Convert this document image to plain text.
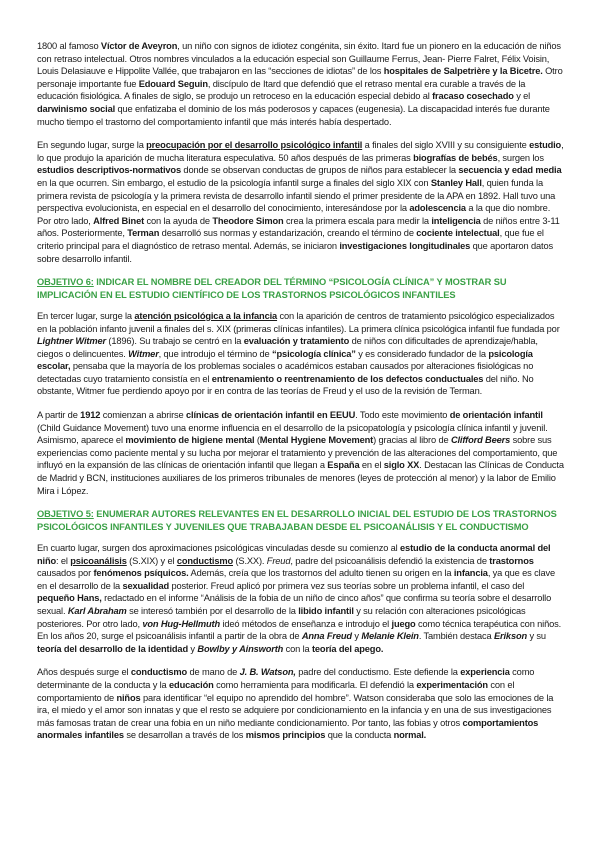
1800 al famoso Víctor de Aveyron, un niño con signos de idiotez congénita, sin éxito. Itard fue un pionero en la educación de niños con retraso intelectual. Otros nombres vinculados a la educación especial son Guillaume Ferrus, Jean- Pierre Falret, Félix Voisin, Louis Delasiauve e Hippolite Vallée, que trabajaron en las “secciones de idiotas” de los hospitales de Salpetrière y la Bicetre. Otro personaje importante fue Edouard Seguin, discípulo de Itard que defendió que el retraso mental era curable a través de la educación fisiológica. A finales de siglo, se produjo un retroceso en la educación especial debido al fracaso cosechado y el darwinismo social que enfatizaba el dominio de los más poderosos y capaces (eugenesia). La discapacidad interés fue durante mucho tiempo el trastorno del comportamiento infantil que más interés había despertado.

En segundo lugar, surge la preocupación por el desarrollo psicológico infantil a finales del siglo XVIII y su consiguiente estudio, lo que produjo la aparición de mucha literatura especulativa. 50 años después de las primeras biografías de bebés, surgen los estudios descriptivos-normativos donde se observan conductas de grupos de niños para establecer la secuencia y edad media en la que ocurren. Sin embargo, el estudio de la psicología infantil surge a finales del siglo XIX con Stanley Hall, quien funda la primera revista de psicología y la primera revista de desarrollo infantil siendo el primer presidente de la APA en 1892. Hall tuvo una perspectiva evolucionista, en especial en el desarrollo del conocimiento, interesándose por la adolescencia a la que dio nombre. Por otro lado, Alfred Binet con la ayuda de Theodore Simon crea la primera escala para medir la inteligencia de niños entre 3-11 años. Posteriormente, Terman desarrolló sus normas y estandarización, creando el término de cociente intelectual, que fue el criterio principal para el diagnóstico de retraso mental. Además, se iniciaron investigaciones longitudinales que aportaron datos sobre desarrollo infantil.

OBJETIVO 6: INDICAR EL NOMBRE DEL CREADOR DEL TÉRMINO “PSICOLOGÍA CLÍNICA” Y MOSTRAR SU IMPLICACIÓN EN EL ESTUDIO CIENTÍFICO DE LOS TRASTORNOS PSICOLÓGICOS INFANTILES

En tercer lugar, surge la atención psicológica a la infancia con la aparición de centros de tratamiento psicológico especializados en la población infanto juvenil a finales del s. XIX (primeras clínicas infantiles). La primera clínica psicológica infantil fue fundada por Lightner Witmer (1896). Su trabajo se centró en la evaluación y tratamiento de niños con dificultades de aprendizaje/habla, ciegos o delincuentes. Witmer, que introdujo el término de “psicología clínica” y es considerado fundador de la psicología escolar, pensaba que la mayoría de los problemas sociales o académicos estaban causados por alteraciones fisiológicas no detectadas cuyo tratamiento consistía en el entrenamiento o reentrenamiento de los defectos conductuales del niño. No obstante, Witmer fue perdiendo apoyo por ir en contra de las teorías de Freud y el uso de la revisión de Terman.

A partir de 1912 comienzan a abrirse clínicas de orientación infantil en EEUU. Todo este movimiento de orientación infantil (Child Guidance Movement) tuvo una enorme influencia en el desarrollo de la psicopatología y psicología clínica infantil y juvenil. Asimismo, aparece el movimiento de higiene mental (Mental Hygiene Movement) gracias al libro de Clifford Beers sobre sus experiencias como paciente mental y su lucha por mejorar el tratamiento y prevención de las alteraciones del comportamiento, que influyó en la expansión de las clínicas de orientación infantil que llegan a España en el siglo XX. Destacan las Clínicas de Conducta de Madrid y BCN, instituciones auxiliares de los primeros tribunales de menores (leyes de protección al menor) y la labor de Emilio Mira i López.

OBJETIVO 5: ENUMERAR AUTORES RELEVANTES EN EL DESARROLLO INICIAL DEL ESTUDIO DE LOS TRASTORNOS PSICOLÓGICOS INFANTILES Y JUVENILES QUE TRABAJABAN DESDE EL PSICOANÁLISIS Y EL CONDUCTISMO

En cuarto lugar, surgen dos aproximaciones psicológicas vinculadas desde su comienzo al estudio de la conducta anormal del niño: el psicoanálisis (S.XIX) y el conductismo (S.XX). Freud, padre del psicoanálisis defendió la existencia de trastornos causados por fenómenos psíquicos. Además, creía que los trastornos del adulto tienen su origen en la infancia, ya que es clave en el desarrollo de la sexualidad posterior. Freud aplicó por primera vez sus teorías sobre un problema infantil, el caso del pequeño Hans, redactado en el informe “Análisis de la fobia de un niño de cinco años” que confirma su teoría sobre el desarrollo sexual. Karl Abraham se interesó también por el desarrollo de la libido infantil y su relación con alteraciones psicológicas posteriores. Por otro lado, von Hug-Hellmuth ideó métodos de enseñanza e introdujo el juego como técnica terapéutica con niños. En los años 20, surge el psicoanálisis infantil a partir de la obra de Anna Freud y Melanie Klein. También destaca Erikson y su teoría del desarrollo de la identidad y Bowlby y Ainsworth con la teoría del apego.

Años después surge el conductismo de mano de J. B. Watson, padre del conductismo. Este defiende la experiencia como determinante de la conducta y la educación como herramienta para modificarla. El defendió la experimentación con el comportamiento de niños para identificar “el equipo no aprendido del hombre”. Watson consideraba que solo las emociones de la ira, el miedo y el amor son innatas y que el resto se adquiere por condicionamiento en la infancia y en una de sus investigaciones más famosas tratan de crear una fobia en un niño mediante condicionamiento. Por tanto, las fobias y otros comportamientos anormales infantiles se desarrollan a través de los mismos principios que la conducta normal.
